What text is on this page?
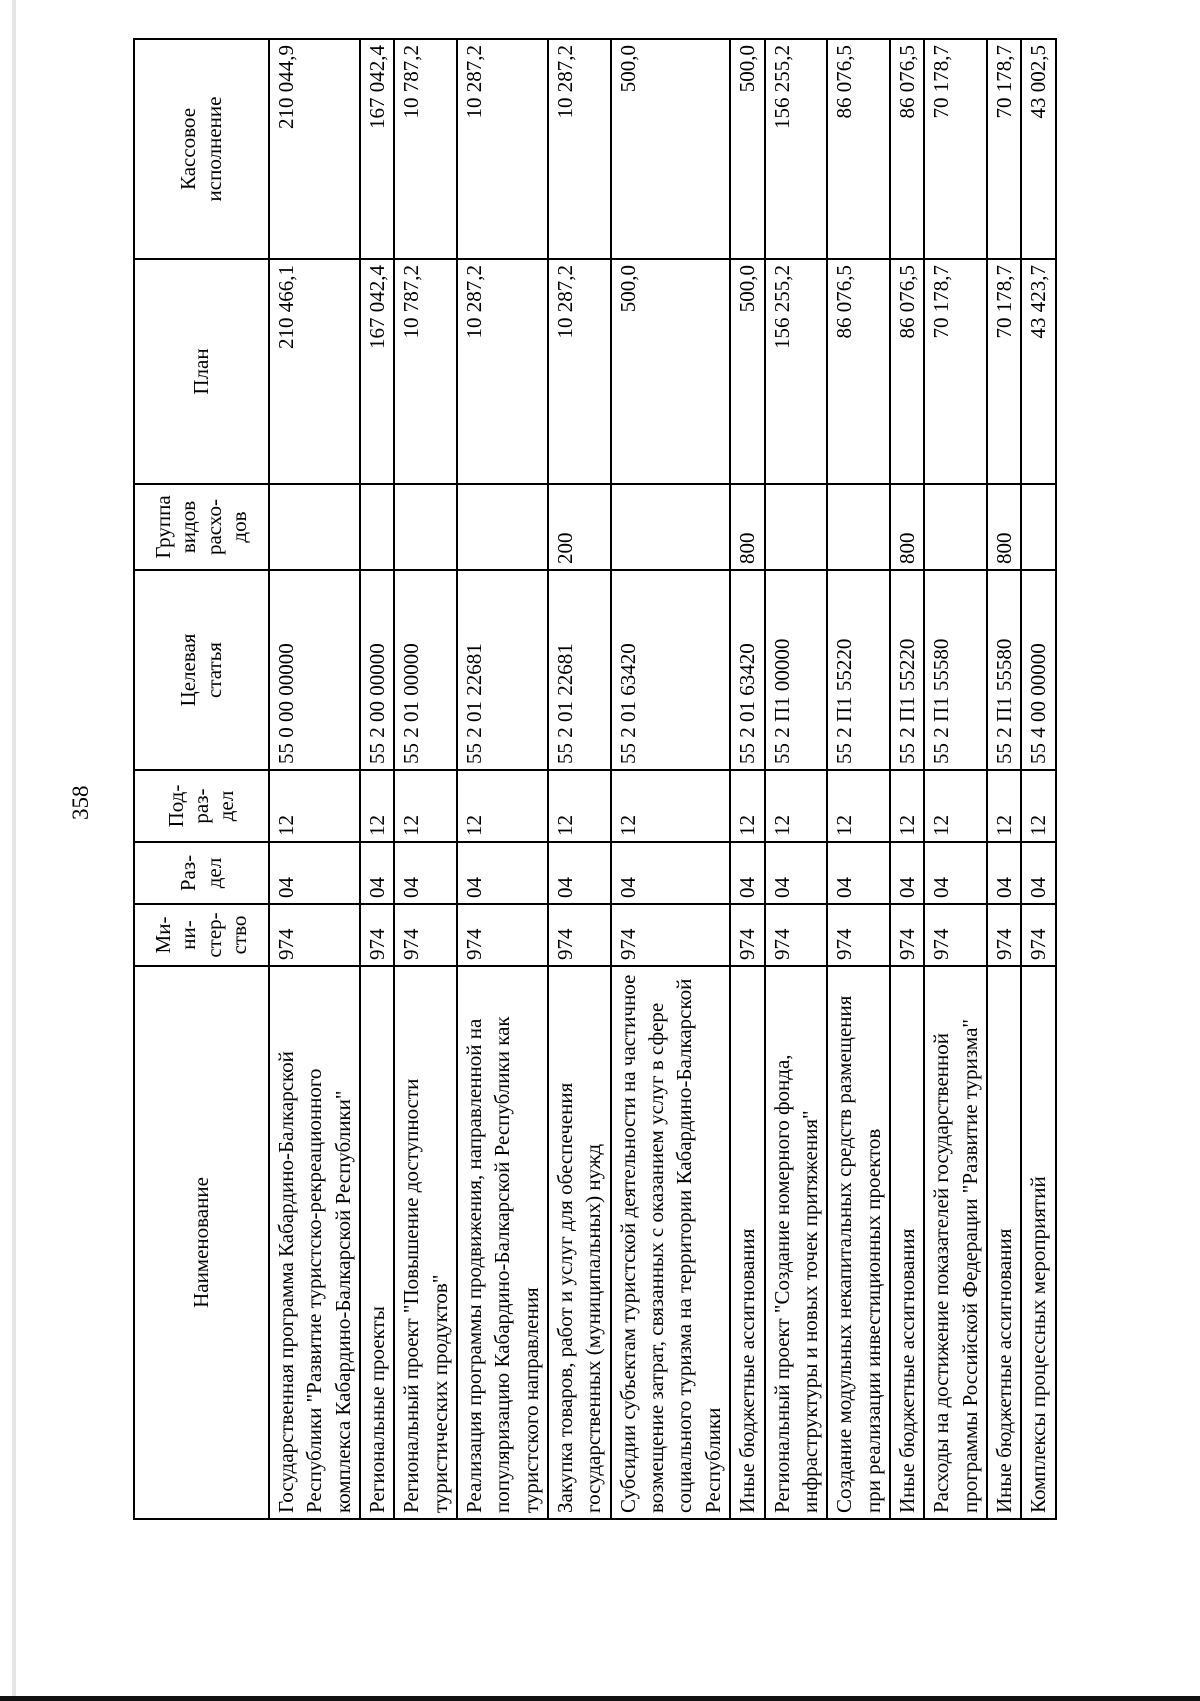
358
Наименование	Ми-
ни-
стер-
ство	Раз-
дел	Под-
раз-
дел	Целевая
статья	Группа
видов
расхо-
дов	План	Кассовое
исполнение
Государственная программа Кабардино-Балкарской Республики "Развитие туристско-рекреационного комплекса Кабардино-Балкарской Республики"	974	04	12	55 0 00 00000		210 466,1	210 044,9
Региональные проекты	974	04	12	55 2 00 00000		167 042,4	167 042,4
Региональный проект "Повышение доступности туристических продуктов"	974	04	12	55 2 01 00000		10 787,2	10 787,2
Реализация программы продвижения, направленной на популяризацию Кабардино-Балкарской Республики как туристского направления	974	04	12	55 2 01 22681		10 287,2	10 287,2
Закупка товаров, работ и услуг для обеспечения государственных (муниципальных) нужд	974	04	12	55 2 01 22681	200	10 287,2	10 287,2
Субсидии субъектам туристской деятельности на частичное возмещение затрат, связанных с оказанием услуг в сфере социального туризма на территории Кабардино-Балкарской Республики	974	04	12	55 2 01 63420		500,0	500,0
Иные бюджетные ассигнования	974	04	12	55 2 01 63420	800	500,0	500,0
Региональный проект "Создание номерного фонда, инфраструктуры и новых точек притяжения"	974	04	12	55 2 П1 00000		156 255,2	156 255,2
Создание модульных некапитальных средств размещения при реализации инвестиционных проектов	974	04	12	55 2 П1 55220		86 076,5	86 076,5
Иные бюджетные ассигнования	974	04	12	55 2 П1 55220	800	86 076,5	86 076,5
Расходы на достижение показателей государственной программы Российской Федерации "Развитие туризма"	974	04	12	55 2 П1 55580		70 178,7	70 178,7
Иные бюджетные ассигнования	974	04	12	55 2 П1 55580	800	70 178,7	70 178,7
Комплексы процессных мероприятий	974	04	12	55 4 00 00000		43 423,7	43 002,5
